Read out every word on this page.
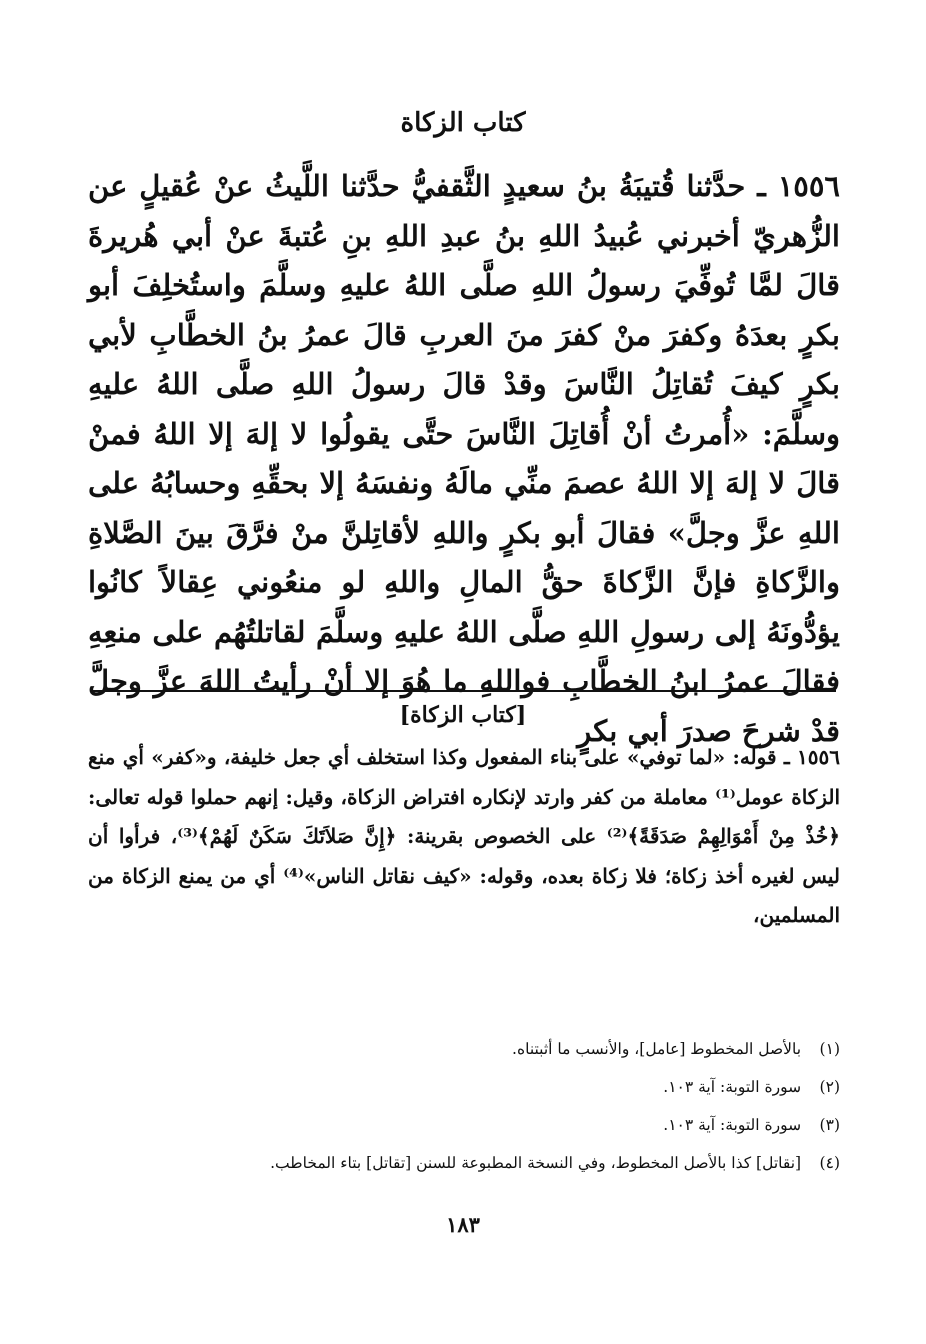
كتاب الزكاة
١٥٥٦ ـ حدَّثنا قُتيبَةُ بنُ سعيدٍ الثَّقفيُّ حدَّثنا اللَّيثُ عنْ عُقيلٍ عن الزُّهريّ أخبرني عُبيدُ اللهِ بنُ عبدِ اللهِ بنِ عُتبةَ عنْ أبي هُريرةَ قالَ لمَّا تُوفِّيَ رسولُ اللهِ صلَّى اللهُ عليهِ وسلَّمَ واستُخلِفَ أبو بكرٍ بعدَهُ وكفرَ منْ كفرَ منَ العربِ قالَ عمرُ بنُ الخطَّابِ لأبي بكرٍ كيفَ تُقاتِلُ النَّاسَ وقدْ قالَ رسولُ اللهِ صلَّى اللهُ عليهِ وسلَّمَ: «أُمرتُ أنْ أُقاتِلَ النَّاسَ حتَّى يقولُوا لا إلهَ إلا اللهُ فمنْ قالَ لا إلهَ إلا اللهُ عصمَ منِّي مالَهُ ونفسَهُ إلا بحقِّهِ وحسابُهُ على اللهِ عزَّ وجلَّ» فقالَ أبو بكرٍ واللهِ لأقاتِلنَّ منْ فرَّقَ بينَ الصَّلاةِ والزَّكاةِ فإنَّ الزَّكاةَ حقُّ المالِ واللهِ لو منعُوني عِقالاً كانُوا يؤدُّونَهُ إلى رسولِ اللهِ صلَّى اللهُ عليهِ وسلَّمَ لقاتلتُهُم على منعِهِ فقالَ عمرُ ابنُ الخطَّابِ فواللهِ ما هُوَ إلا أنْ رأيتُ اللهَ عزَّ وجلَّ قدْ شرحَ صدرَ أبي بكرٍ
[كتاب الزكاة]
١٥٥٦ ـ قوله: «لما توفي» على بناء المفعول وكذا استخلف أي جعل خليفة، و«كفر» أي منع الزكاة عومل⁽¹⁾ معاملة من كفر وارتد لإنكاره افتراض الزكاة، وقيل: إنهم حملوا قوله تعالى: ﴿خُذْ مِنْ أَمْوَالِهِمْ صَدَقَةً﴾⁽²⁾ على الخصوص بقرينة: ﴿إِنَّ صَلاَتَكَ سَكَنٌ لَهُمْ﴾⁽³⁾، فرأوا أن ليس لغيره أخذ زكاة؛ فلا زكاة بعده، وقوله: «كيف نقاتل الناس»⁽⁴⁾ أي من يمنع الزكاة من المسلمين،
(١) بالأصل المخطوط [عامل]، والأنسب ما أثبتناه.
(٢) سورة التوبة: آية ١٠٣.
(٣) سورة التوبة: آية ١٠٣.
(٤) [نقاتل] كذا بالأصل المخطوط، وفي النسخة المطبوعة للسنن [تقاتل] بتاء المخاطب.
١٨٣
